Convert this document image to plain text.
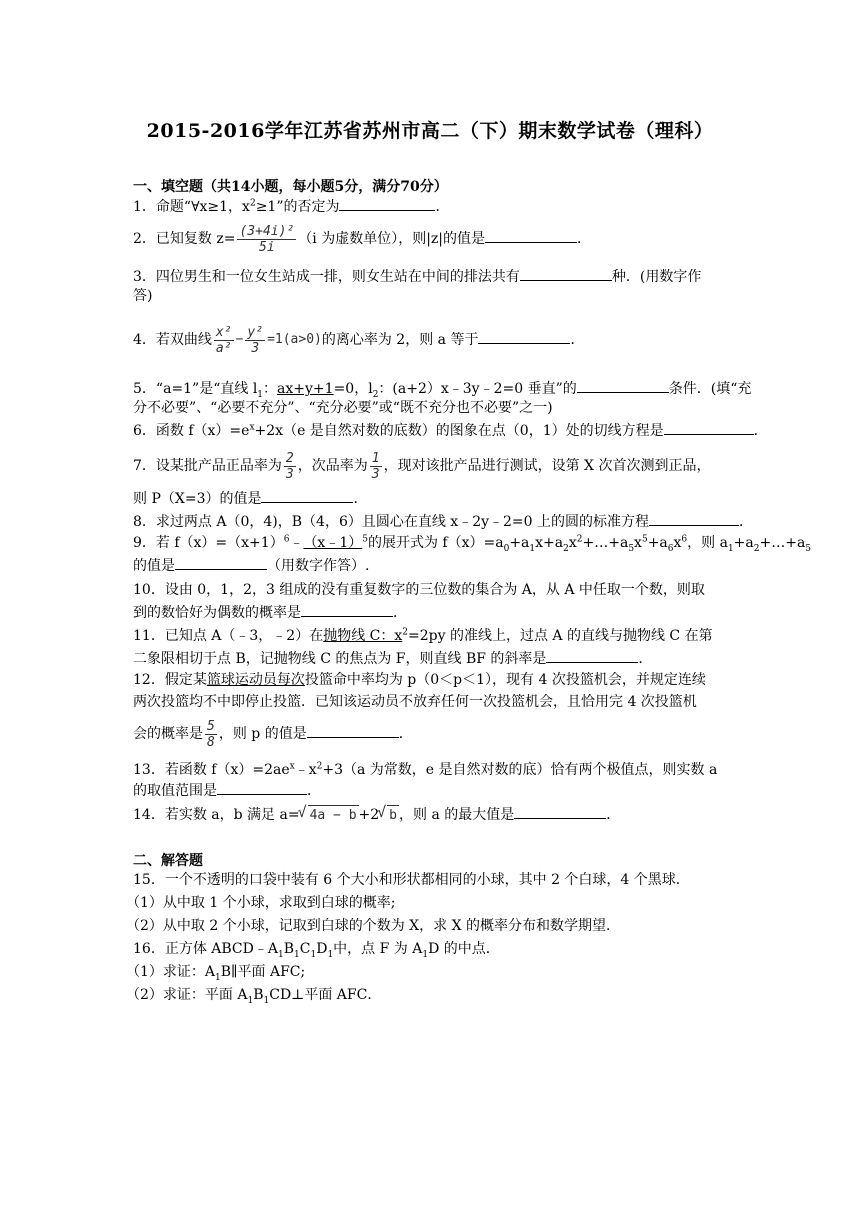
2015-2016学年江苏省苏州市高二（下）期末数学试卷（理科）
一、填空题（共14小题，每小题5分，满分70分）
1．命题“∀x≥1，$x^2\ge 1$”的否定为	．
2．已知复数 $z= \frac{\text{(3+4i)²}}{5i} (i$ 为虚数单位），则|z|的值是	．
3．四位男生和一位女生站成一排，则女生站在中间的排法共有	种．(用数字作
答)
4．若双曲线 $\frac{\text{x²}}{\text{a²}} - \frac{\text{y²}}{3} =1(a>0)$的离心率为 2，则 a 等于	．
5．“a=1”是“直线 $l_1$：ax+y+1=0，$l_2$：(a+2）x﹣3y﹣2=0 垂直”的	条件．(填“充
分不必要”、“必要不充分”、“充分必要”或“既不充分也不必要”之一)
6．函数 $f(x)=e^x+2x(e$ 是自然对数的底数）的图象在点（0，1）处的切线方程是	．
7．设某批产品正品率为 $\frac{2}{3}$ ，次品率为 $\frac{1}{3}$ ，现对该批产品进行测试，设第 X 次首次测到正品，
则 P（X=3）的值是	．
8．求过两点 A（0，4)，B（4，6）且圆心在直线 x﹣2y﹣2=0 上的圆的标准方程	．
9．若 $f(x)=(x+1)^6﹣(x﹣1)^5$的展开式为 $f(x)=a_0+a_1x+a_2x^2+\dots+a_5x^5+a_6x^6$，则 $a_1+a_2+\dots+a_5$
的值是	（用数字作答）.
10．设由 0，1，2，3 组成的没有重复数字的三位数的集合为 A，从 A 中任取一个数，则取
到的数恰好为偶数的概率是	．
11．已知点 A（﹣3，﹣2）在抛物线 C：$x^2=2py$ 的准线上，过点 A 的直线与抛物线 C 在第
二象限相切于点 B，记抛物线 C 的焦点为 F，则直线 BF 的斜率是	．
12．假定某篮球运动员每次投篮命中率均为 p（0＜p＜1），现有 4 次投篮机会，并规定连续
两次投篮均不中即停止投篮．已知该运动员不放弃任何一次投篮机会，且恰用完 4 次投篮机
会的概率是 $\frac{5}{8}$ ，则 p 的值是	．
13．若函数 $f(x)=2ae^x﹣x^2+3(a$ 为常数，e 是自然对数的底）恰有两个极值点，则实数 a
的取值范围是	．
14．若实数 a，b 满足 a= √ 4a − b +2 √ b ，则 a 的最大值是	．
二、解答题
15．一个不透明的口袋中装有 6 个大小和形状都相同的小球，其中 2 个白球，4 个黑球．
（1）从中取 1 个小球，求取到白球的概率;
（2）从中取 2 个小球，记取到白球的个数为 X，求 X 的概率分布和数学期望．
16．正方体 $ABCD﹣A_1B_1C_1D_1$中，点 F 为 $A_1D$ 的中点．
（1）求证：$A_1B\parallel$平面 AFC;
（2）求证：平面 $A_1B_1CD\perp$平面 AFC．
